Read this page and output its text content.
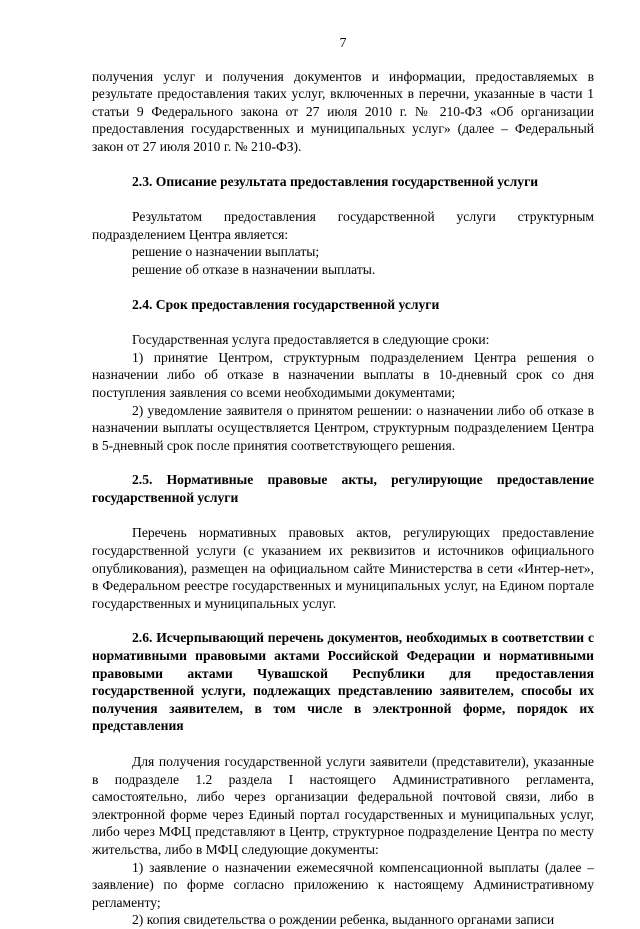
7

получения услуг и получения документов и информации, предоставляемых в результате предоставления таких услуг, включенных в перечни, указанные в части 1 статьи 9 Федерального закона от 27 июля 2010 г. № 210-ФЗ «Об организации предоставления государственных и муниципальных услуг» (далее – Федеральный закон от 27 июля 2010 г. № 210-ФЗ).

2.3. Описание результата предоставления государственной услуги

Результатом предоставления государственной услуги структурным подразделением Центра является:

решение о назначении выплаты;

решение об отказе в назначении выплаты.

2.4. Срок предоставления государственной услуги

Государственная услуга предоставляется в следующие сроки:

1) принятие Центром, структурным подразделением Центра решения о назначении либо об отказе в назначении выплаты в 10-дневный срок со дня поступления заявления со всеми необходимыми документами;

2) уведомление заявителя о принятом решении: о назначении либо об отказе в назначении выплаты осуществляется Центром, структурным подразделением Центра в 5-дневный срок после принятия соответствующего решения.

2.5. Нормативные правовые акты, регулирующие предоставление государственной услуги

Перечень нормативных правовых актов, регулирующих предоставление государственной услуги (с указанием их реквизитов и источников официального опубликования), размещен на официальном сайте Министерства в сети «Интер-нет», в Федеральном реестре государственных и муниципальных услуг, на Едином портале государственных и муниципальных услуг.

2.6. Исчерпывающий перечень документов, необходимых в соответствии с нормативными правовыми актами Российской Федерации и нормативными правовыми актами Чувашской Республики для предоставления государственной услуги, подлежащих представлению заявителем, способы их получения заявителем, в том числе в электронной форме, порядок их представления

Для получения государственной услуги заявители (представители), указанные в подразделе 1.2 раздела I настоящего Административного регламента, самостоятельно, либо через организации федеральной почтовой связи, либо в электронной форме через Единый портал государственных и муниципальных услуг, либо через МФЦ представляют в Центр, структурное подразделение Центра по месту жительства, либо в МФЦ следующие документы:

1) заявление о назначении ежемесячной компенсационной выплаты (далее – заявление) по форме согласно приложению к настоящему Административному регламенту;

2) копия свидетельства о рождении ребенка, выданного органами записи
